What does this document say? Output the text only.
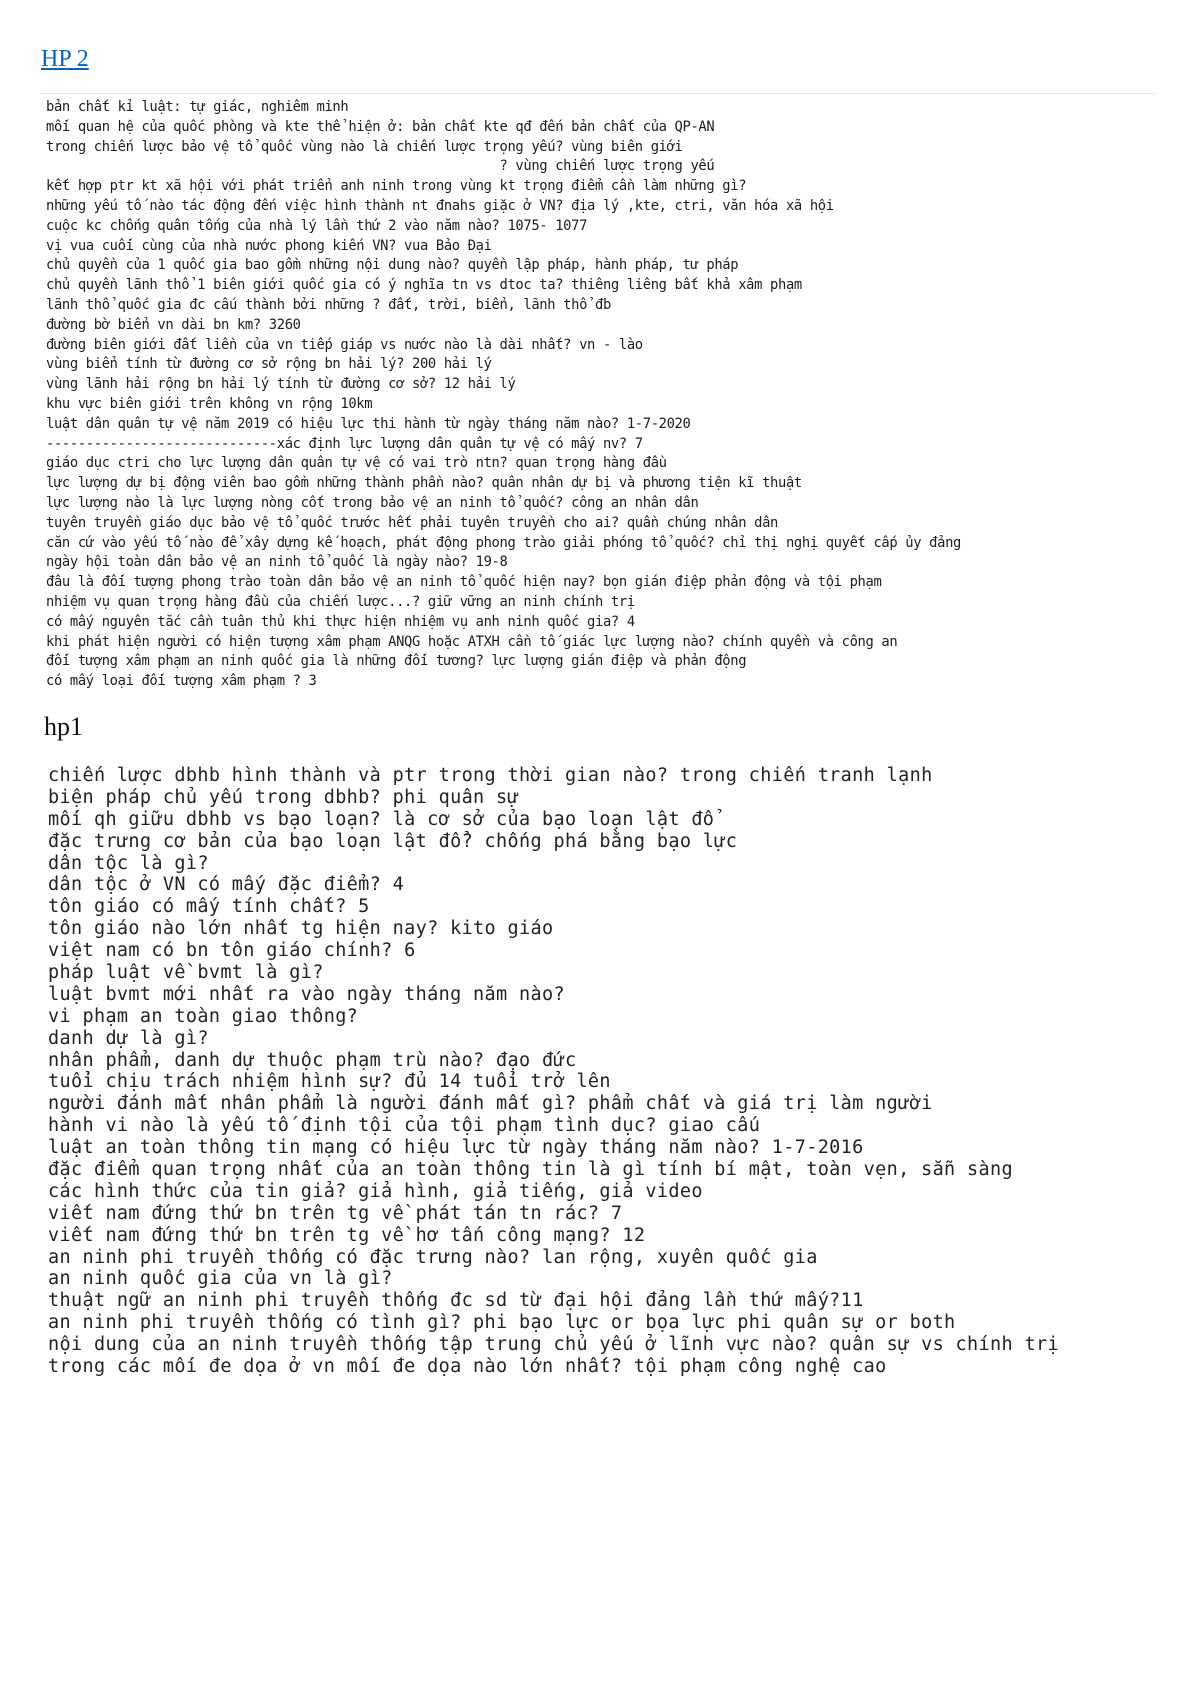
HP 2
bản chất kỉ luật: tự giác, nghiêm minh
mối quan hệ của quốc phòng và kte thể hiện ở: bản chất kte qđ đến bản chất của QP-AN
trong chiến lược bảo vệ tổ quốc vùng nào là chiến lược trọng yếu? vùng biên giới
? vùng chiến lược trọng yếu
kết hợp ptr kt xã hội với phát triển anh ninh trong vùng kt trọng điểm cần làm những gì?
những yếu tố nào tác động đến việc hình thành nt đnahs giặc ở VN? địa lý ,kte, ctri, văn hóa xã hội
cuộc kc chống quân tống của nhà lý lần thứ 2 vào năm nào? 1075- 1077
vị vua cuối cùng của nhà nước phong kiến VN? vua Bảo Đại
chủ quyền của 1 quốc gia bao gồm những nội dung nào? quyền lập pháp, hành pháp, tư pháp
chủ quyền lãnh thổ 1 biên giới quốc gia có ý nghĩa tn vs dtoc ta? thiêng liêng bất khả xâm phạm
lãnh thổ quốc gia đc cấu thành bởi những ? đất, trời, biển, lãnh thổ đb
đường bờ biển vn dài bn km? 3260
đường biên giới đất liền của vn tiếp giáp vs nước nào là dài nhất? vn - lào
vùng biển tính từ đường cơ sở rộng bn hải lý? 200 hải lý
vùng lãnh hải rộng bn hải lý tính từ đường cơ sở? 12 hải lý
khu vực biên giới trên không vn rộng 10km
luật dân quân tự vệ năm 2019 có hiệu lực thi hành từ ngày tháng năm nào? 1-7-2020
-----------------------------xác định lực lượng dân quân tự vệ có mấy nv? 7
giáo dục ctri cho lực lượng dân quân tự vệ có vai trò ntn? quan trọng hàng đầu
lực lượng dự bị động viên bao gồm những thành phần nào? quân nhân dự bị và phương tiện kĩ thuật
lực lượng nào là lực lượng nòng cốt trong bảo vệ an ninh tổ quốc? công an nhân dân
tuyên truyền giáo dục bảo vệ tổ quốc trước hết phải tuyên truyền cho ai? quần chúng nhân dân
căn cứ vào yếu tố nào để xây dựng kế hoạch, phát động phong trào giải phóng tổ quốc? chỉ thị nghị quyết cấp ủy đảng
ngày hội toàn dân bảo vệ an ninh tổ quốc là ngày nào? 19-8
đâu là đối tượng phong trào toàn dân bảo vệ an ninh tổ quốc hiện nay? bọn gián điệp phản động và tội phạm
nhiệm vụ quan trọng hàng đầu của chiến lược...? giữ vững an ninh chính trị
có mấy nguyên tắc cần tuân thủ khi thực hiện nhiệm vụ anh ninh quốc gia? 4
khi phát hiện người có hiện tượng xâm phạm ANQG hoặc ATXH cần tố giác lực lượng nào? chính quyền và công an
đối tượng xâm phạm an ninh quốc gia là những đối tương? lực lượng gián điệp và phản động
có mấy loại đối tượng xâm phạm ? 3
hp1
chiến lược dbhb hình thành và ptr trong thời gian nào? trong chiến tranh lạnh
biện pháp chủ yếu trong dbhb? phi quân sự
mối qh giữu dbhb vs bạo loạn? là cơ sở của bạo loạn lật đổ
đặc trưng cơ bản của bạo loạn lật đổ? chống phá bằng bạo lực
dân tộc là gì?
dân tộc ở VN có mấy đặc điểm? 4
tôn giáo có mấy tính chất? 5
tôn giáo nào lớn nhất tg hiện nay? kito giáo
việt nam có bn tôn giáo chính? 6
pháp luật về bvmt là gì?
luật bvmt mới nhất ra vào ngày tháng năm nào?
vi phạm an toàn giao thông?
danh dự là gì?
nhân phẩm, danh dự thuộc phạm trù nào? đạo đức
tuổi chịu trách nhiệm hình sự? đủ 14 tuổi trở lên
người đánh mất nhân phẩm là người đánh mất gì? phẩm chất và giá trị làm người
hành vi nào là yếu tố định tội của tội phạm tình dục? giao cấu
luật an toàn thông tin mạng có hiệu lực từ ngày tháng năm nào? 1-7-2016
đặc điểm quan trọng nhất của an toàn thông tin là gì tính bí mật, toàn vẹn, sẵn sàng
các hình thức của tin giả? giả hình, giả tiếng, giả video
viết nam đứng thứ bn trên tg về phát tán tn rác? 7
viết nam đứng thứ bn trên tg về hơ tấn công mạng? 12
an ninh phi truyền thống có đặc trưng nào? lan rộng, xuyên quốc gia
an ninh quốc gia của vn là gì?
thuật ngữ an ninh phi truyền thống đc sd từ đại hội đảng lần thứ mấy?11
an ninh phi truyền thống có tình gì? phi bạo lực or bọa lực phi quân sự or both
nội dung của an ninh truyền thống tập trung chủ yếu ở lĩnh vực nào? quân sự vs chính trị
trong các mối đe dọa ở vn mối đe dọa nào lớn nhất? tội phạm công nghệ cao
